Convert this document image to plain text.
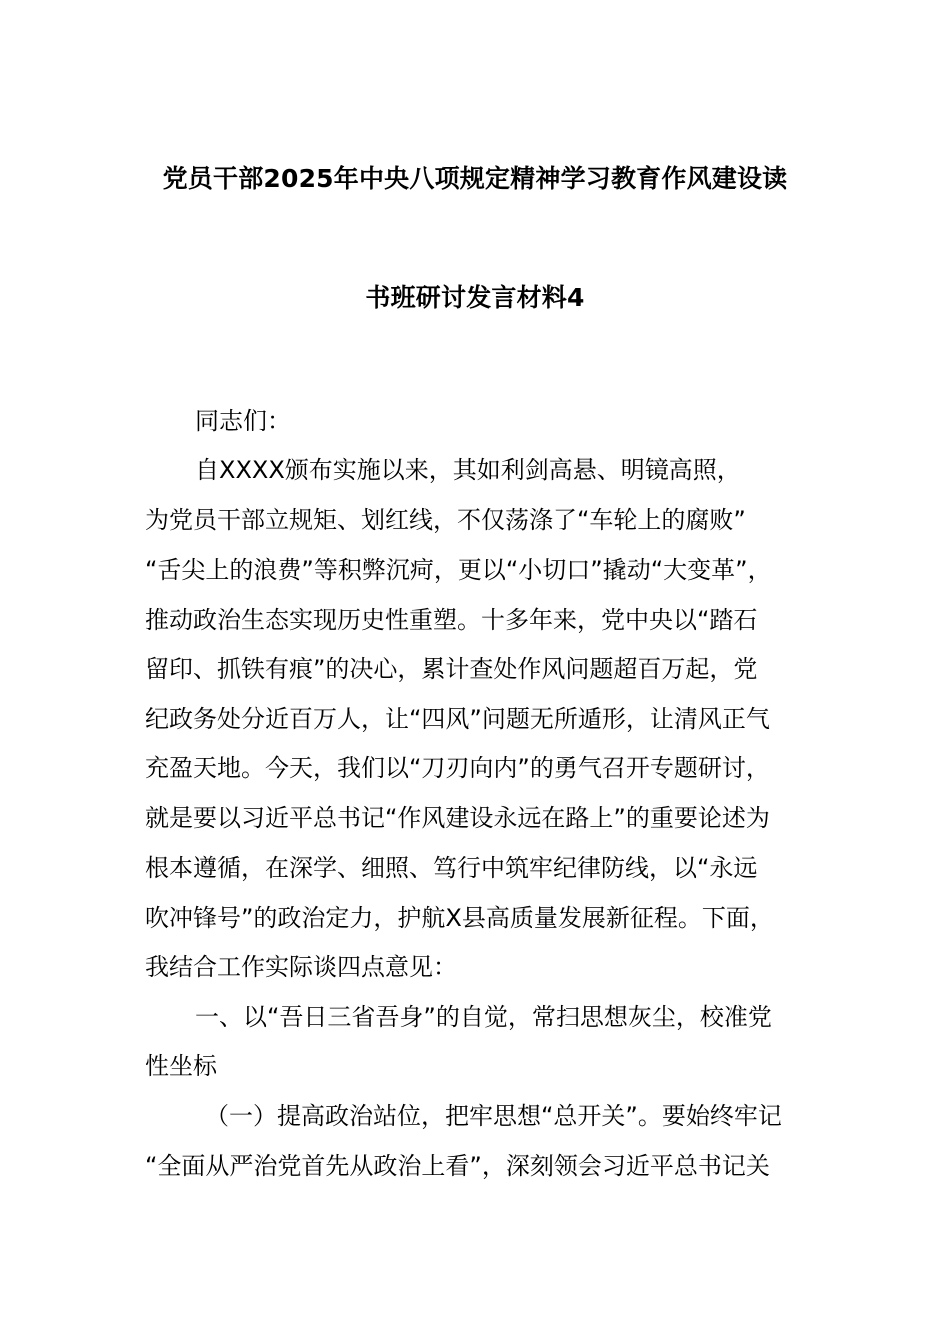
党员干部2025年中央八项规定精神学习教育作风建设读
书班研讨发言材料4
同志们：
自XXXX颁布实施以来，其如利剑高悬、明镜高照，
为党员干部立规矩、划红线，不仅荡涤了“车轮上的腐败”
“舌尖上的浪费”等积弊沉疴，更以“小切口”撬动“大变革”，
推动政治生态实现历史性重塑。十多年来，党中央以“踏石
留印、抓铁有痕”的决心，累计查处作风问题超百万起，党
纪政务处分近百万人，让“四风”问题无所遁形，让清风正气
充盈天地。今天，我们以“刀刃向内”的勇气召开专题研讨，
就是要以习近平总书记“作风建设永远在路上”的重要论述为
根本遵循，在深学、细照、笃行中筑牢纪律防线，以“永远
吹冲锋号”的政治定力，护航X县高质量发展新征程。下面，
我结合工作实际谈四点意见：
一、以“吾日三省吾身”的自觉，常扫思想灰尘，校准党
性坐标
（一）提高政治站位，把牢思想“总开关”。要始终牢记
“全面从严治党首先从政治上看”，深刻领会习近平总书记关
